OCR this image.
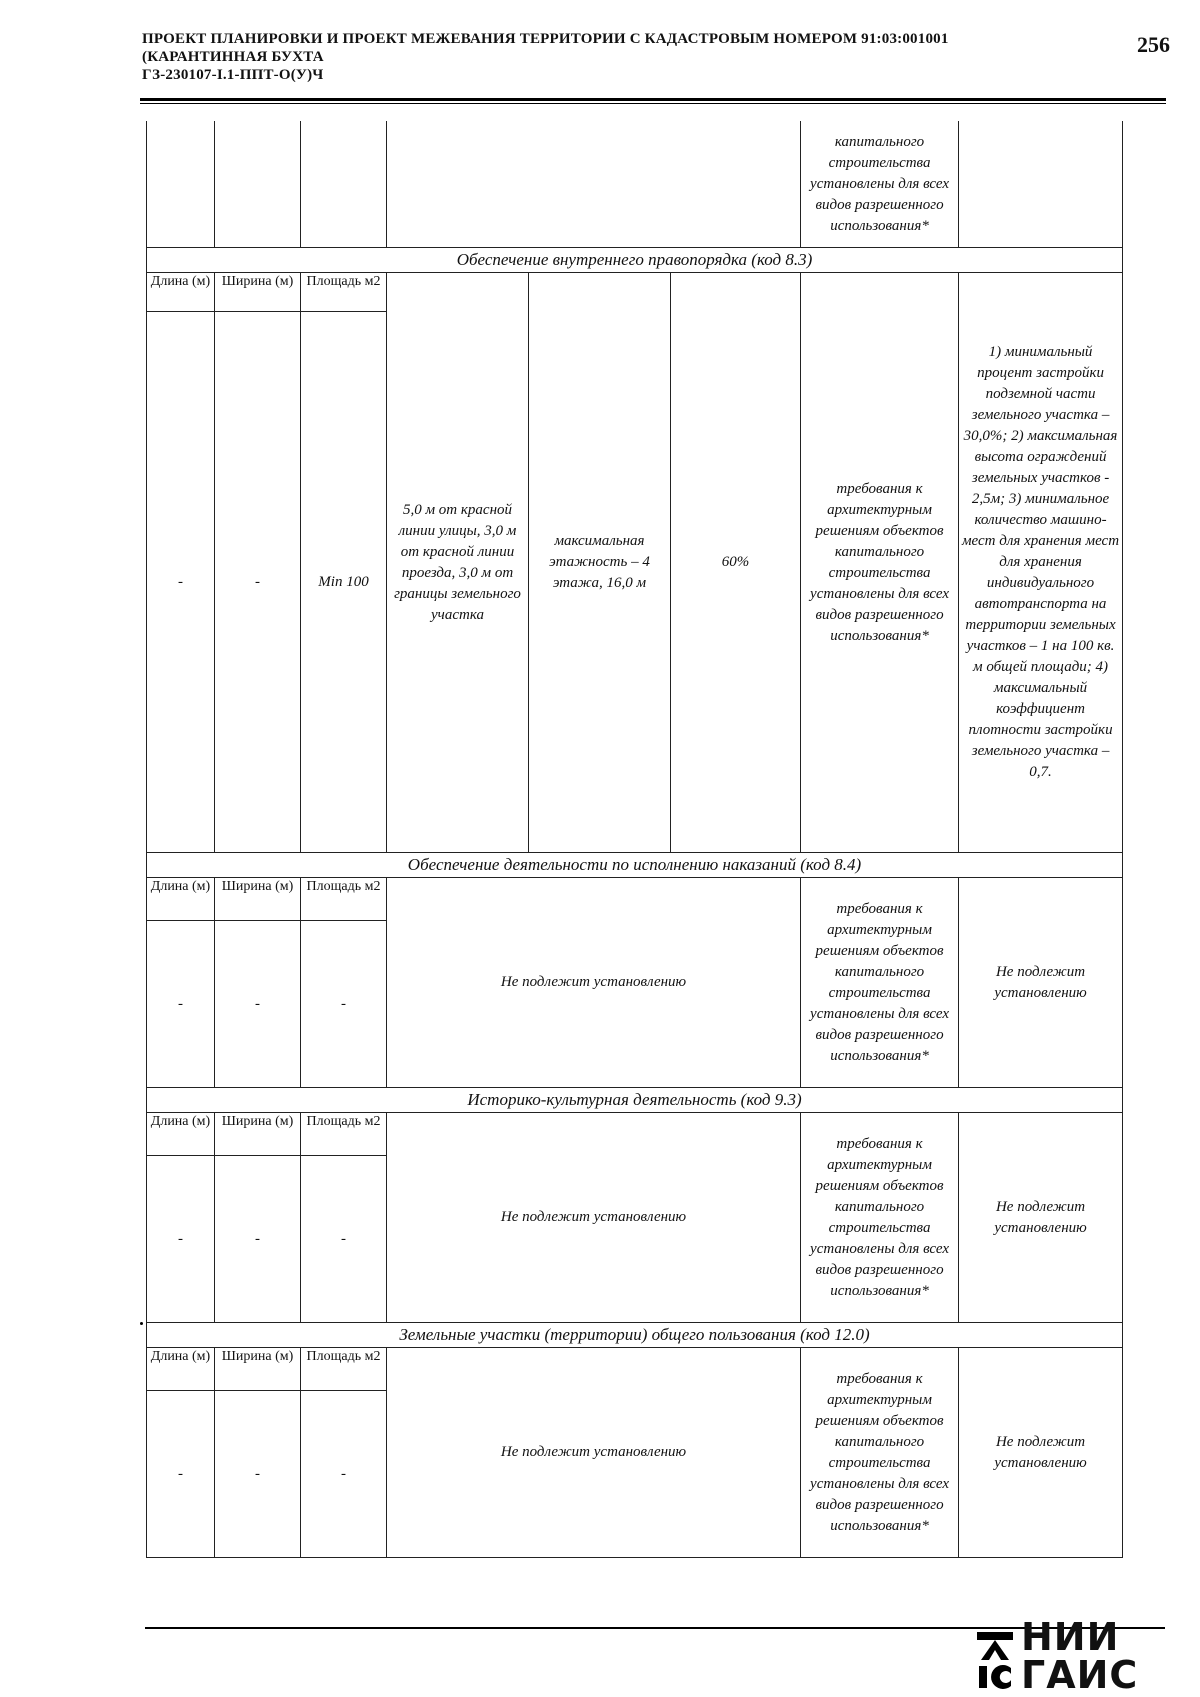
ПРОЕКТ ПЛАНИРОВКИ И ПРОЕКТ МЕЖЕВАНИЯ ТЕРРИТОРИИ С КАДАСТРОВЫМ НОМЕРОМ 91:03:001001
(КАРАНТИННАЯ БУХТА
ГЗ-230107-I.1-ППТ-О(У)Ч
256
						капитального строительства установлены для всех видов разрешенного использования*	
Обеспечение внутреннего правопорядка (код 8.3)							
Длина (м)	Ширина (м)	Площадь м2	5,0 м от красной линии улицы, 3,0 м от красной линии проезда, 3,0 м от границы земельного участка	максимальная этажность – 4 этажа, 16,0 м	60%	требования к архитектурным решениям объектов капитального строительства установлены для всех видов разрешенного использования*	1) минимальный процент застройки подземной части земельного участка – 30,0%; 2) максимальная высота ограждений земельных участков - 2,5м; 3) минимальное количество машино-мест для хранения мест для хранения индивидуального автотранспорта на территории земельных участков – 1 на 100 кв. м общей площади; 4) максимальный коэффициент плотности застройки земельного участка – 0,7.
-	-	Min 100					
Обеспечение деятельности по исполнению наказаний (код 8.4)							
Длина (м)	Ширина (м)	Площадь м2	Не подлежит установлению			требования к архитектурным решениям объектов капитального строительства установлены для всех видов разрешенного использования*	Не подлежит установлению
-	-	-					
Историко-культурная деятельность (код 9.3)							
Длина (м)	Ширина (м)	Площадь м2	Не подлежит установлению			требования к архитектурным решениям объектов капитального строительства установлены для всех видов разрешенного использования*	Не подлежит установлению
-	-	-					
Земельные участки (территории) общего пользования (код 12.0)							
Длина (м)	Ширина (м)	Площадь м2	Не подлежит установлению			требования к архитектурным решениям объектов капитального строительства установлены для всех видов разрешенного использования*	Не подлежит установлению
-	-	-					
НИИ
ГАИС
